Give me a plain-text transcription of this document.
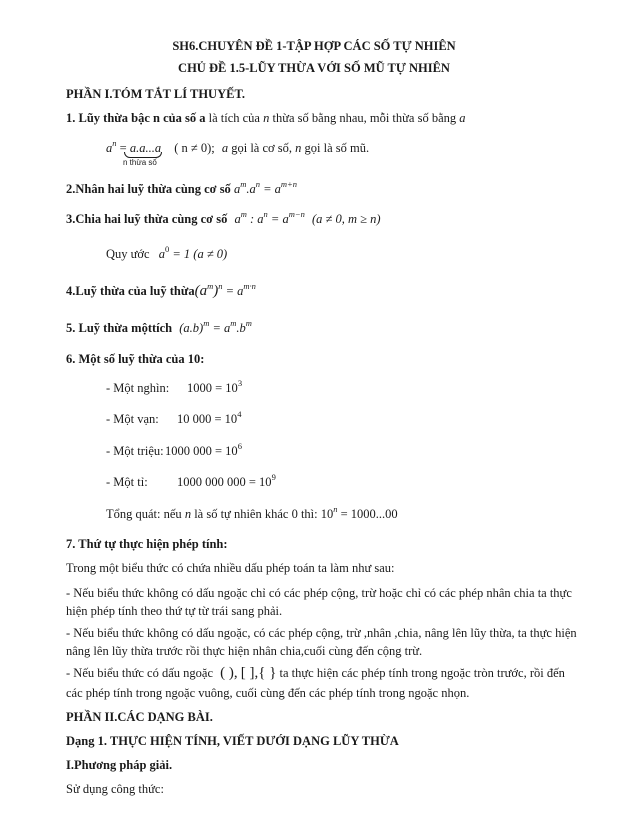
SH6.CHUYÊN ĐỀ 1-TẬP HỢP CÁC SỐ TỰ NHIÊN
CHỦ ĐỀ 1.5-LŨY THỪA VỚI SỐ MŨ TỰ NHIÊN
PHẦN I.TÓM TẮT LÍ THUYẾT.
1. Lũy thừa bậc n của số a là tích của n thừa số bằng nhau, mỗi thừa số bằng a
$a^n = a.a...a$
n thừa số
( n ≠ 0); a gọi là cơ số, n gọi là số mũ.
2.Nhân hai luỹ thừa cùng cơ số $a^m.a^n = a^{m+n}$
3.Chia hai luỹ thừa cùng cơ số $a^m$ : $a^n = a^{m-n}$ (a ≠ 0, m ≥ n)
Quy ước $a^0 = 1$ (a ≠ 0)
4.Luỹ thừa của luỹ $thừa(a^m)^n = a^{m\cdot n}$
5. Luỹ thừa mộttích $(a.b)^m = a^m.b^m$
6. Một số luỹ thừa của 10:
- Một nghìn: $1000 = 10^3$
- Một vạn: 10 $000 = 10^4$
- Một triệu: 1000 $000 = 10^6$
- Một tỉ: 1000 000 $000 = 10^9$
Tổng quát: nếu n là số tự nhiên khác 0 thì: $10^n = 1000...00$
7. Thứ tự thực hiện phép tính:
Trong một biểu thức có chứa nhiều dấu phép toán ta làm như sau:
- Nếu biểu thức không có dấu ngoặc chỉ có các phép cộng, trừ hoặc chỉ có các phép nhân chia ta thực
hiện phép tính theo thứ tự từ trái sang phải.
- Nếu biểu thức không có dấu ngoặc, có các phép cộng, trừ ,nhân ,chia, nâng lên lũy thừa, ta thực hiện
nâng lên lũy thừa trước rồi thực hiện nhân chia,cuối cùng đến cộng trừ.
- Nếu biểu thức có dấu ngoặc ( ), [ ],{ } ta thực hiện các phép tính trong ngoặc tròn trước, rồi đến
các phép tính trong ngoặc vuông, cuối cùng đến các phép tính trong ngoặc nhọn.
PHẦN II.CÁC DẠNG BÀI.
Dạng 1. THỰC HIỆN TÍNH, VIẾT DƯỚI DẠNG LŨY THỪA
I.Phương pháp giải.
Sử dụng công thức:
